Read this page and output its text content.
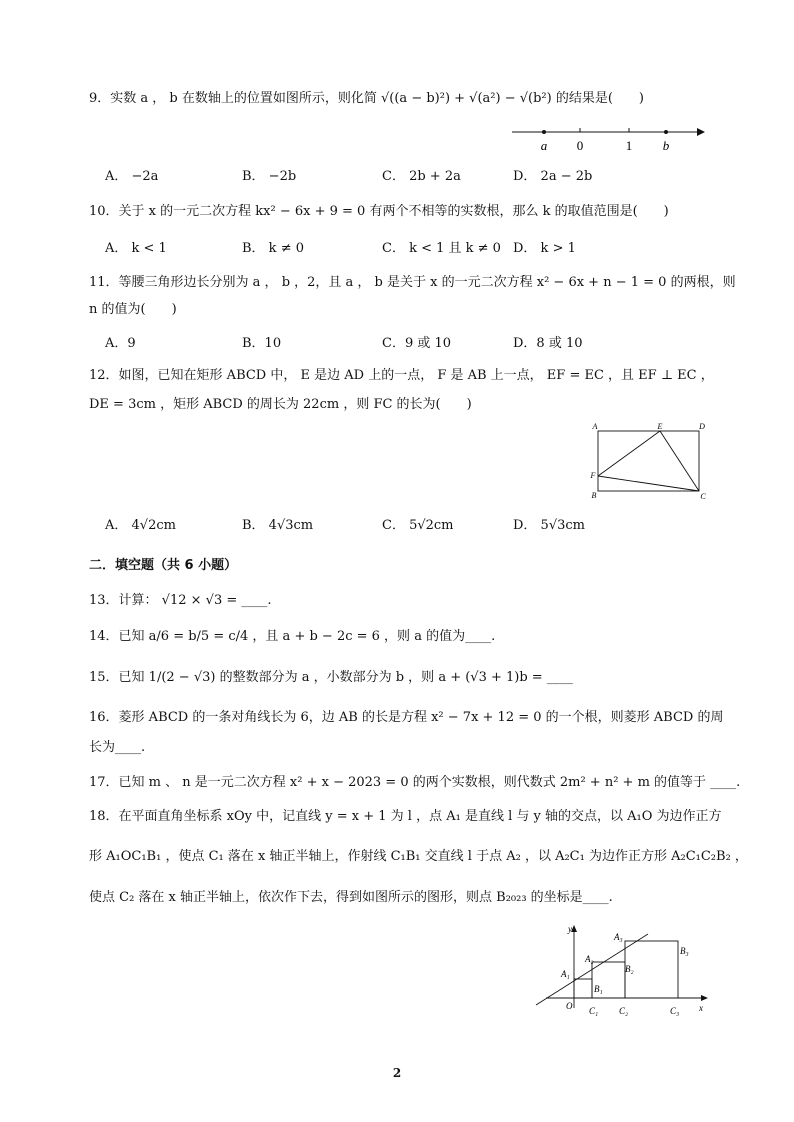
9．实数 a ， b 在数轴上的位置如图所示，则化简 √((a − b)²) + √(a²) − √(b²) 的结果是(　　)
a 0	1 b
A． −2a	B． −2b	C． 2b + 2a	D． 2a − 2b
10．关于 x 的一元二次方程 kx² − 6x + 9 = 0 有两个不相等的实数根，那么 k 的取值范围是(　　)
A． k < 1	B． k ≠ 0	C． k < 1 且 k ≠ 0 D． k > 1
11．等腰三角形边长分别为 a ， b ，2，且 a ， b 是关于 x 的一元二次方程 x² − 6x + n − 1 = 0 的两根，则
n 的值为(　　)
A．9	B．10	C．9 或 10	D．8 或 10
12．如图，已知在矩形 ABCD 中， E 是边 AD 上的一点， F 是 AB 上一点， EF = EC ，且 EF ⊥ EC ，
DE = 3cm ，矩形 ABCD 的周长为 22cm ，则 FC 的长为(　　)
A	E	D
F
B	C
A． 4√2cm	B． 4√3cm	C． 5√2cm	D． 5√3cm
二．填空题（共 6 小题）
13．计算： √12 × √3 = ____.
14．已知 a/6 = b/5 = c/4 ，且 a + b − 2c = 6 ，则 a 的值为____.
15．已知 1/(2 − √3) 的整数部分为 a ，小数部分为 b ，则 a + (√3 + 1)b = ____
16．菱形 ABCD 的一条对角线长为 6，边 AB 的长是方程 x² − 7x + 12 = 0 的一个根，则菱形 ABCD 的周
长为____.
17．已知 m 、 n 是一元二次方程 x² + x − 2023 = 0 的两个实数根，则代数式 2m² + n² + m 的值等于 ____.
18．在平面直角坐标系 xOy 中，记直线 y = x + 1 为 l ，点 A₁ 是直线 l 与 y 轴的交点，以 A₁O 为边作正方
形 A₁OC₁B₁ ，使点 C₁ 落在 x 轴正半轴上，作射线 C₁B₁ 交直线 l 于点 A₂ ，以 A₂C₁ 为边作正方形 A₂C₁C₂B₂ ，
使点 C₂ 落在 x 轴正半轴上，依次作下去，得到如图所示的图形，则点 B₂₀₂₃ 的坐标是____.
y
A₃
B₃
A₂
B₂
A₁
B₁
O C₁ C₂	C₃ x
2
